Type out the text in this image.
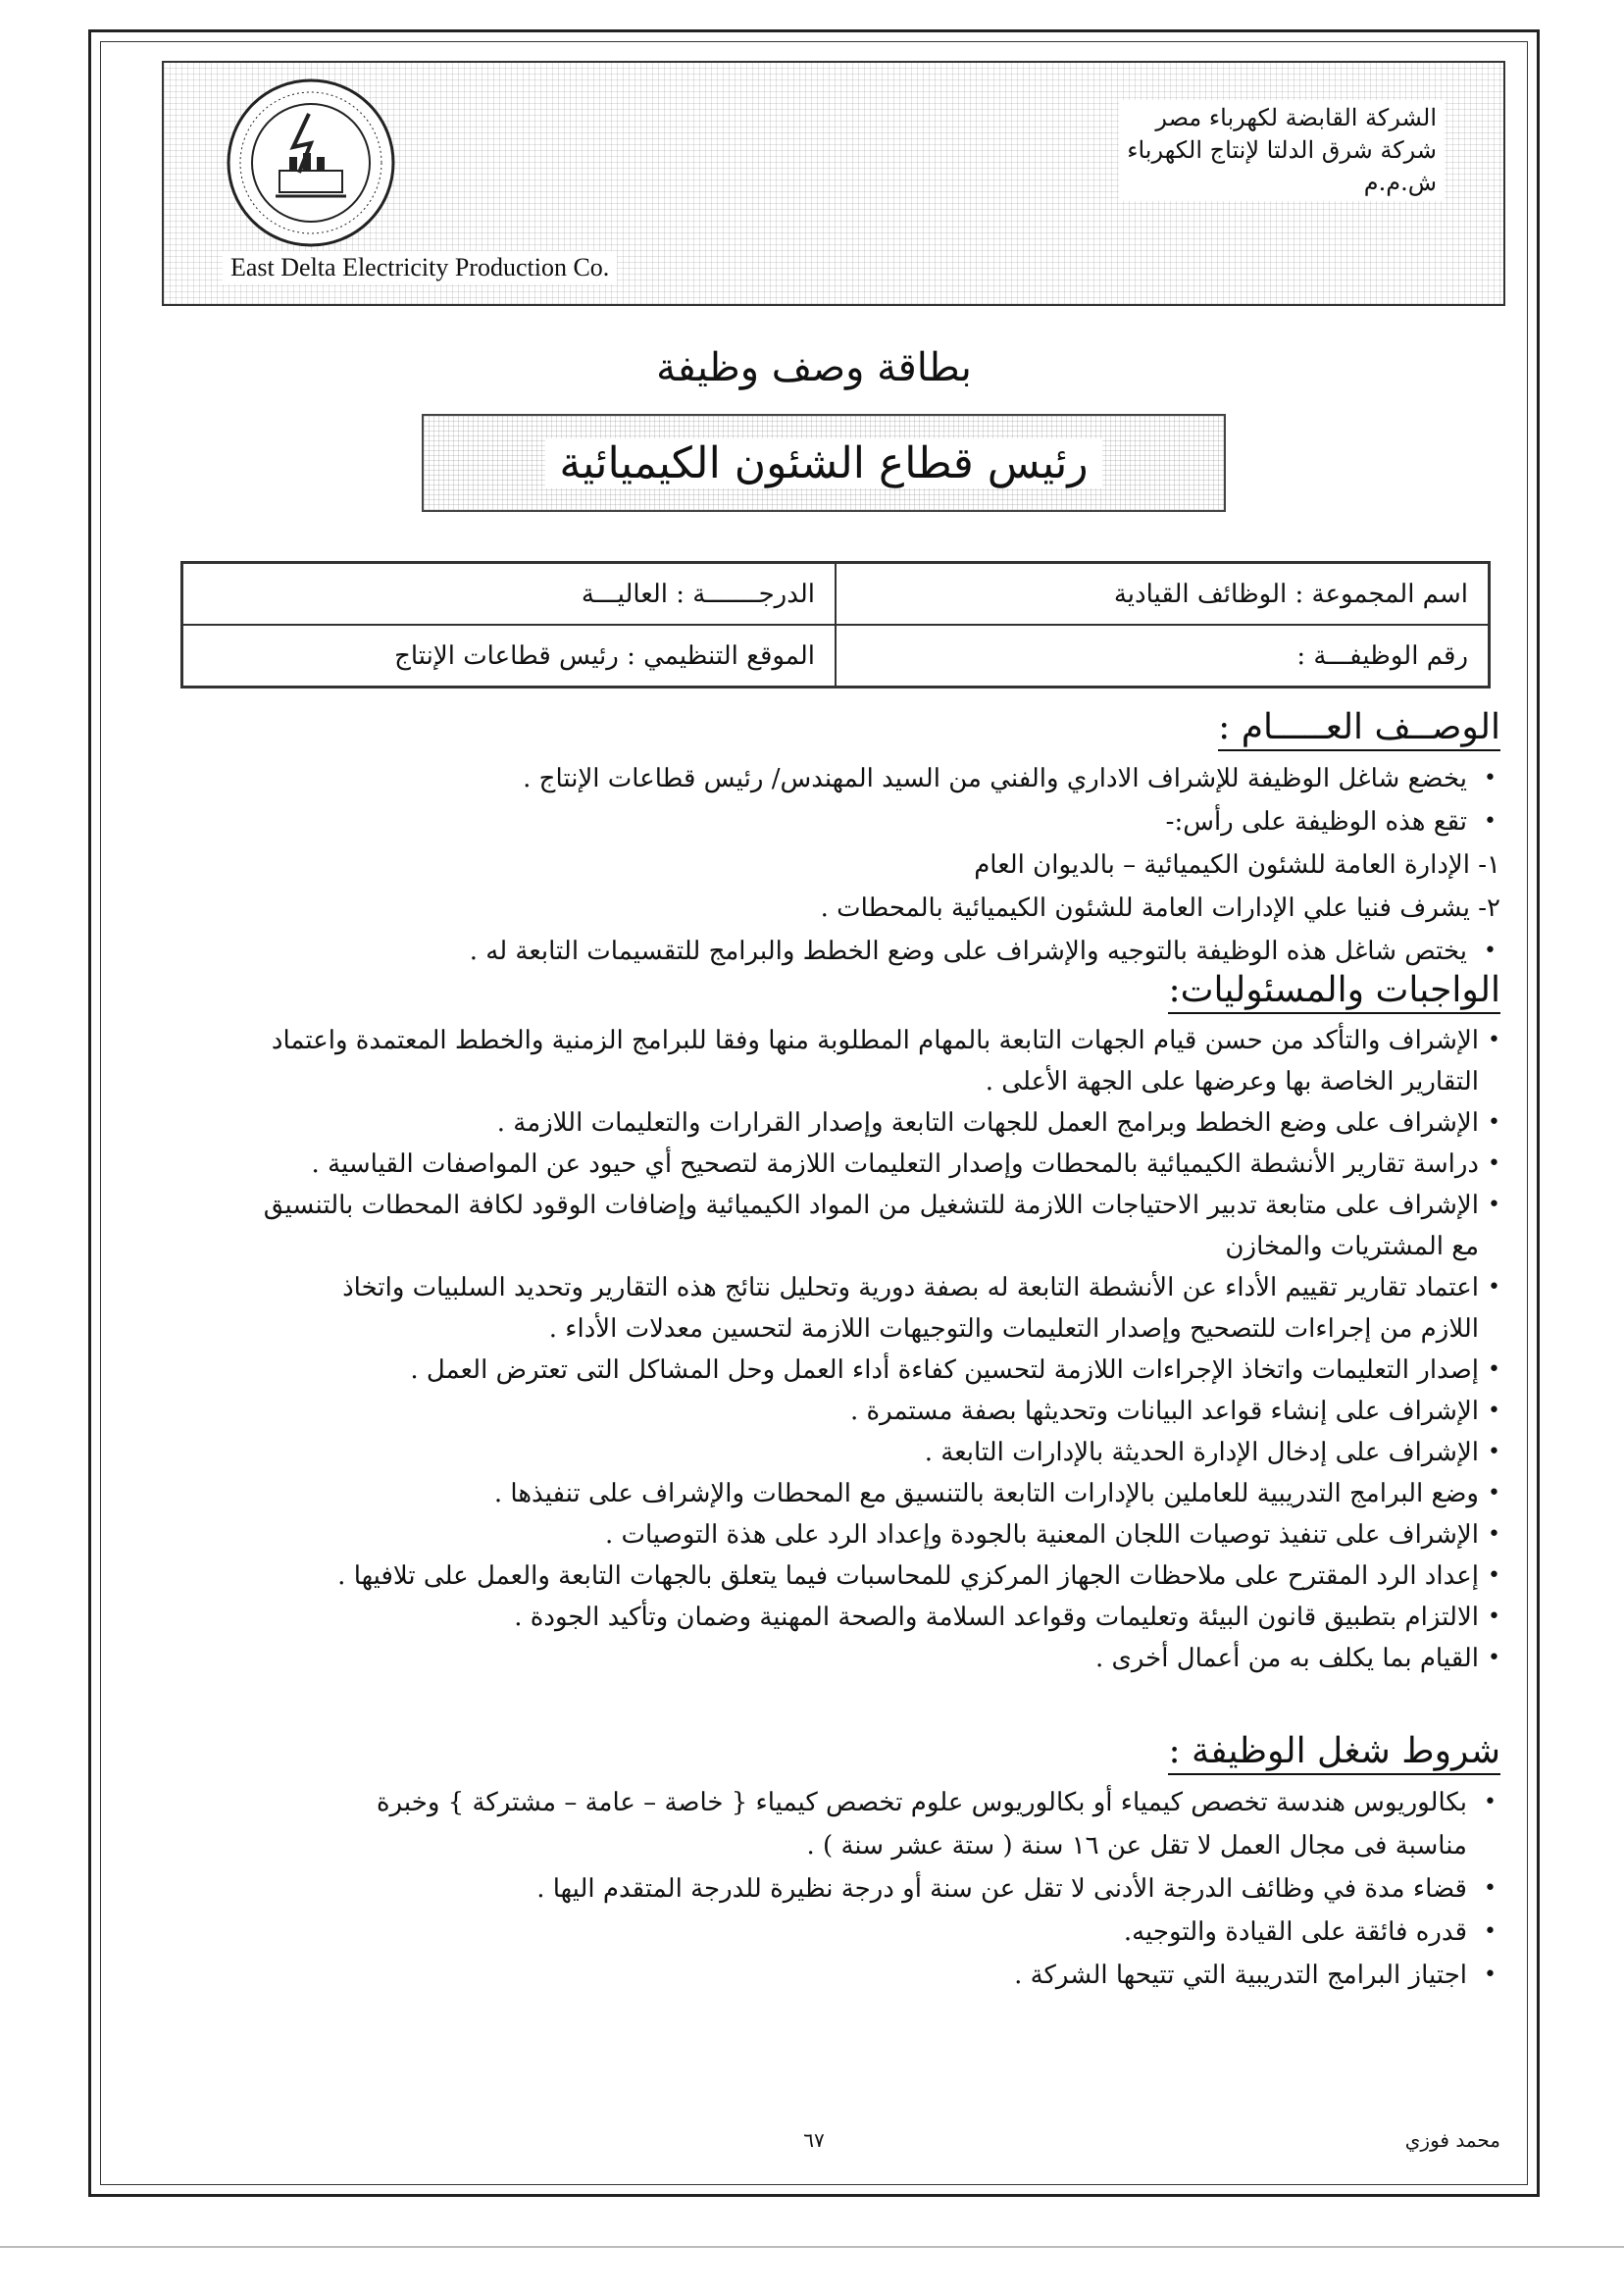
الشركة القابضة لكهرباء مصر
شركة شرق الدلتا لإنتاج الكهرباء
ش.م.م
East Delta Electricity Production Co.
بطاقة وصف وظيفة
رئيس قطاع الشئون الكيميائية
اسم المجموعة :

الوظائف القيادية
الدرجـــــــة :

العاليـــة
رقم الوظيفـــة :

الموقع التنظيمي :

رئيس قطاعات الإنتاج
الوصــف العـــــام :
•
يخضع شاغل الوظيفة للإشراف الاداري والفني من السيد المهندس/ رئيس قطاعات الإنتاج .
•
تقع هذه الوظيفة على رأس:-
١- الإدارة العامة للشئون الكيميائية – بالديوان العام
٢- يشرف فنيا علي الإدارات العامة للشئون الكيميائية بالمحطات .
•
يختص شاغل هذه الوظيفة بالتوجيه والإشراف على وضع الخطط والبرامج للتقسيمات التابعة له .
الواجبات والمسئوليات:
•
الإشراف والتأكد من حسن قيام الجهات التابعة بالمهام المطلوبة منها وفقا للبرامج الزمنية والخطط المعتمدة واعتماد
التقارير الخاصة بها وعرضها على الجهة الأعلى .
•
الإشراف على وضع الخطط وبرامج العمل للجهات التابعة وإصدار القرارات والتعليمات اللازمة .
•
دراسة تقارير الأنشطة الكيميائية بالمحطات وإصدار التعليمات اللازمة لتصحيح أي حيود عن المواصفات القياسية .
•
الإشراف على متابعة تدبير الاحتياجات اللازمة للتشغيل من المواد الكيميائية وإضافات الوقود لكافة المحطات بالتنسيق
مع المشتريات والمخازن
•
اعتماد تقارير تقييم الأداء عن الأنشطة التابعة له بصفة دورية وتحليل نتائج هذه التقارير وتحديد السلبيات واتخاذ
اللازم من إجراءات للتصحيح وإصدار التعليمات والتوجيهات اللازمة لتحسين معدلات الأداء .
•
إصدار التعليمات واتخاذ الإجراءات اللازمة لتحسين كفاءة أداء العمل وحل المشاكل التى تعترض العمل .
•
الإشراف على إنشاء قواعد البيانات وتحديثها بصفة مستمرة .
•
الإشراف على إدخال الإدارة الحديثة بالإدارات التابعة .
•
وضع البرامج التدريبية للعاملين بالإدارات التابعة بالتنسيق مع المحطات والإشراف على تنفيذها .
•
الإشراف على تنفيذ توصيات اللجان المعنية بالجودة وإعداد الرد على هذة التوصيات .
•
إعداد الرد المقترح على ملاحظات الجهاز المركزي للمحاسبات فيما يتعلق بالجهات التابعة والعمل على تلافيها .
•
الالتزام بتطبيق قانون البيئة وتعليمات وقواعد السلامة والصحة المهنية وضمان وتأكيد الجودة .
•
القيام بما يكلف به من أعمال أخرى .
شروط شغل الوظيفة :
•
بكالوريوس هندسة تخصص كيمياء أو بكالوريوس علوم تخصص كيمياء { خاصة – عامة – مشتركة } وخبرة
مناسبة فى مجال العمل لا تقل عن ١٦ سنة ( ستة عشر سنة ) .
•
قضاء مدة في وظائف الدرجة الأدنى لا تقل عن سنة أو درجة نظيرة للدرجة المتقدم اليها .
•
قدره فائقة على القيادة والتوجيه.
•
اجتياز البرامج التدريبية التي تتيحها الشركة .
٦٧	محمد فوزي
